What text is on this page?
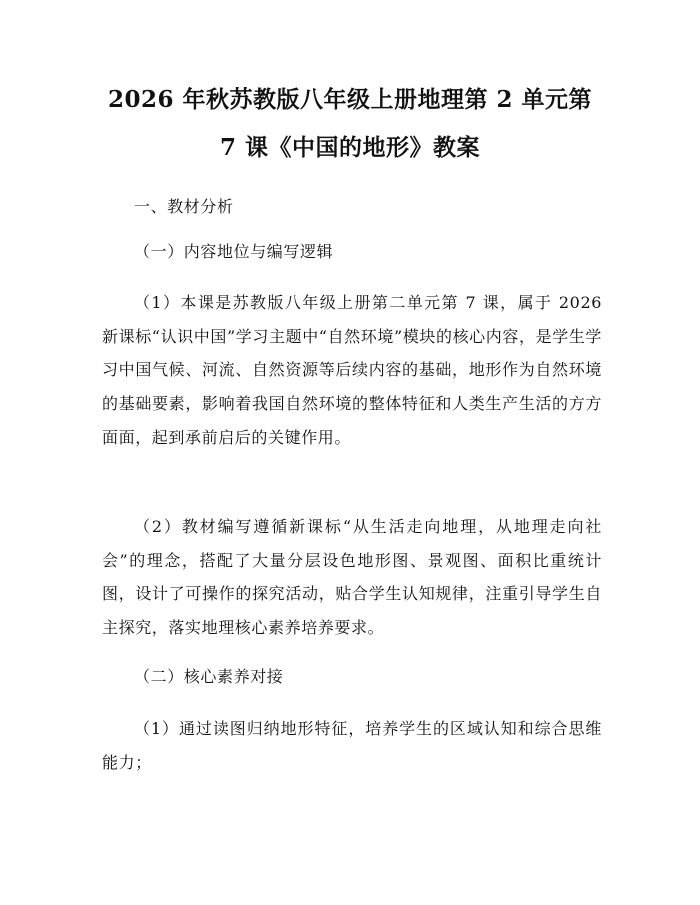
2026 年秋苏教版八年级上册地理第 2 单元第
7 课《中国的地形》教案

一、教材分析

（一）内容地位与编写逻辑

（1）本课是苏教版八年级上册第二单元第 7 课，属于 2026 新课标“认识中国”学习主题中“自然环境”模块的核心内容，是学生学习中国气候、河流、自然资源等后续内容的基础，地形作为自然环境的基础要素，影响着我国自然环境的整体特征和人类生产生活的方方面面，起到承前启后的关键作用。

（2）教材编写遵循新课标“从生活走向地理，从地理走向社会”的理念，搭配了大量分层设色地形图、景观图、面积比重统计图，设计了可操作的探究活动，贴合学生认知规律，注重引导学生自主探究，落实地理核心素养培养要求。

（二）核心素养对接

（1）通过读图归纳地形特征，培养学生的区域认知和综合思维能力；
